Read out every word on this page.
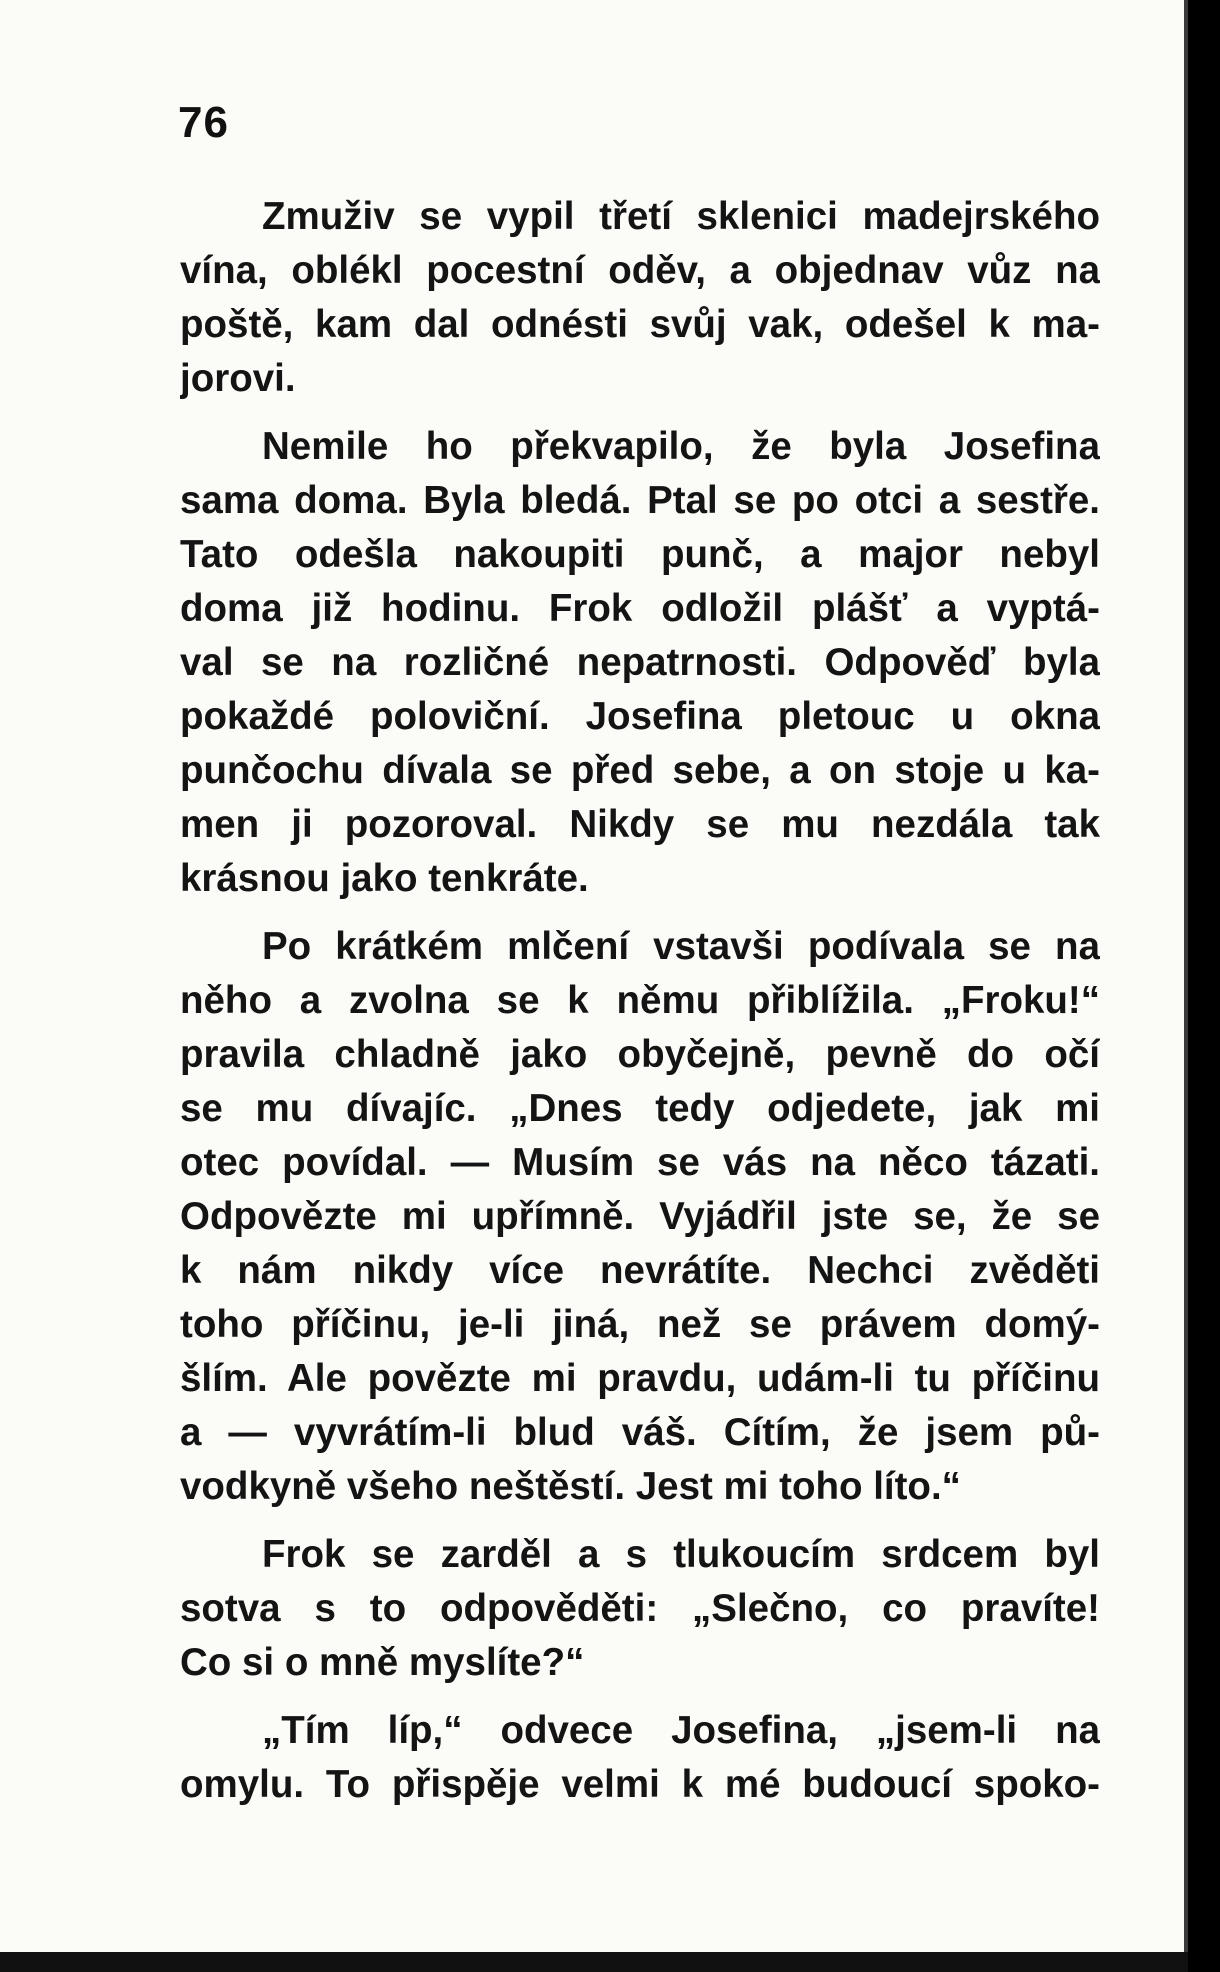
76
Zmuživ se vypil třetí sklenici madejrského
vína, oblékl pocestní oděv, a objednav vůz na
poště, kam dal odnésti svůj vak, odešel k ma-
jorovi.
Nemile ho překvapilo, že byla Josefina
sama doma. Byla bledá. Ptal se po otci a sestře.
Tato odešla nakoupiti punč, a major nebyl
doma již hodinu. Frok odložil plášť a vyptá-
val se na rozličné nepatrnosti. Odpověď byla
pokaždé poloviční. Josefina pletouc u okna
punčochu dívala se před sebe, a on stoje u ka-
men ji pozoroval. Nikdy se mu nezdála tak
krásnou jako tenkráte.
Po krátkém mlčení vstavši podívala se na
něho a zvolna se k němu přiblížila. „Froku!“
pravila chladně jako obyčejně, pevně do očí
se mu dívajíc. „Dnes tedy odjedete, jak mi
otec povídal. — Musím se vás na něco tázati.
Odpovězte mi upřímně. Vyjádřil jste se, že se
k nám nikdy více nevrátíte. Nechci zvěděti
toho příčinu, je-li jiná, než se právem domý-
šlím. Ale povězte mi pravdu, udám-li tu příčinu
a — vyvrátím-li blud váš. Cítím, že jsem pů-
vodkyně všeho neštěstí. Jest mi toho líto.“
Frok se zarděl a s tlukoucím srdcem byl
sotva s to odpověděti: „Slečno, co pravíte!
Co si o mně myslíte?“
„Tím líp,“ odvece Josefina, „jsem-li na
omylu. To přispěje velmi k mé budoucí spoko-
